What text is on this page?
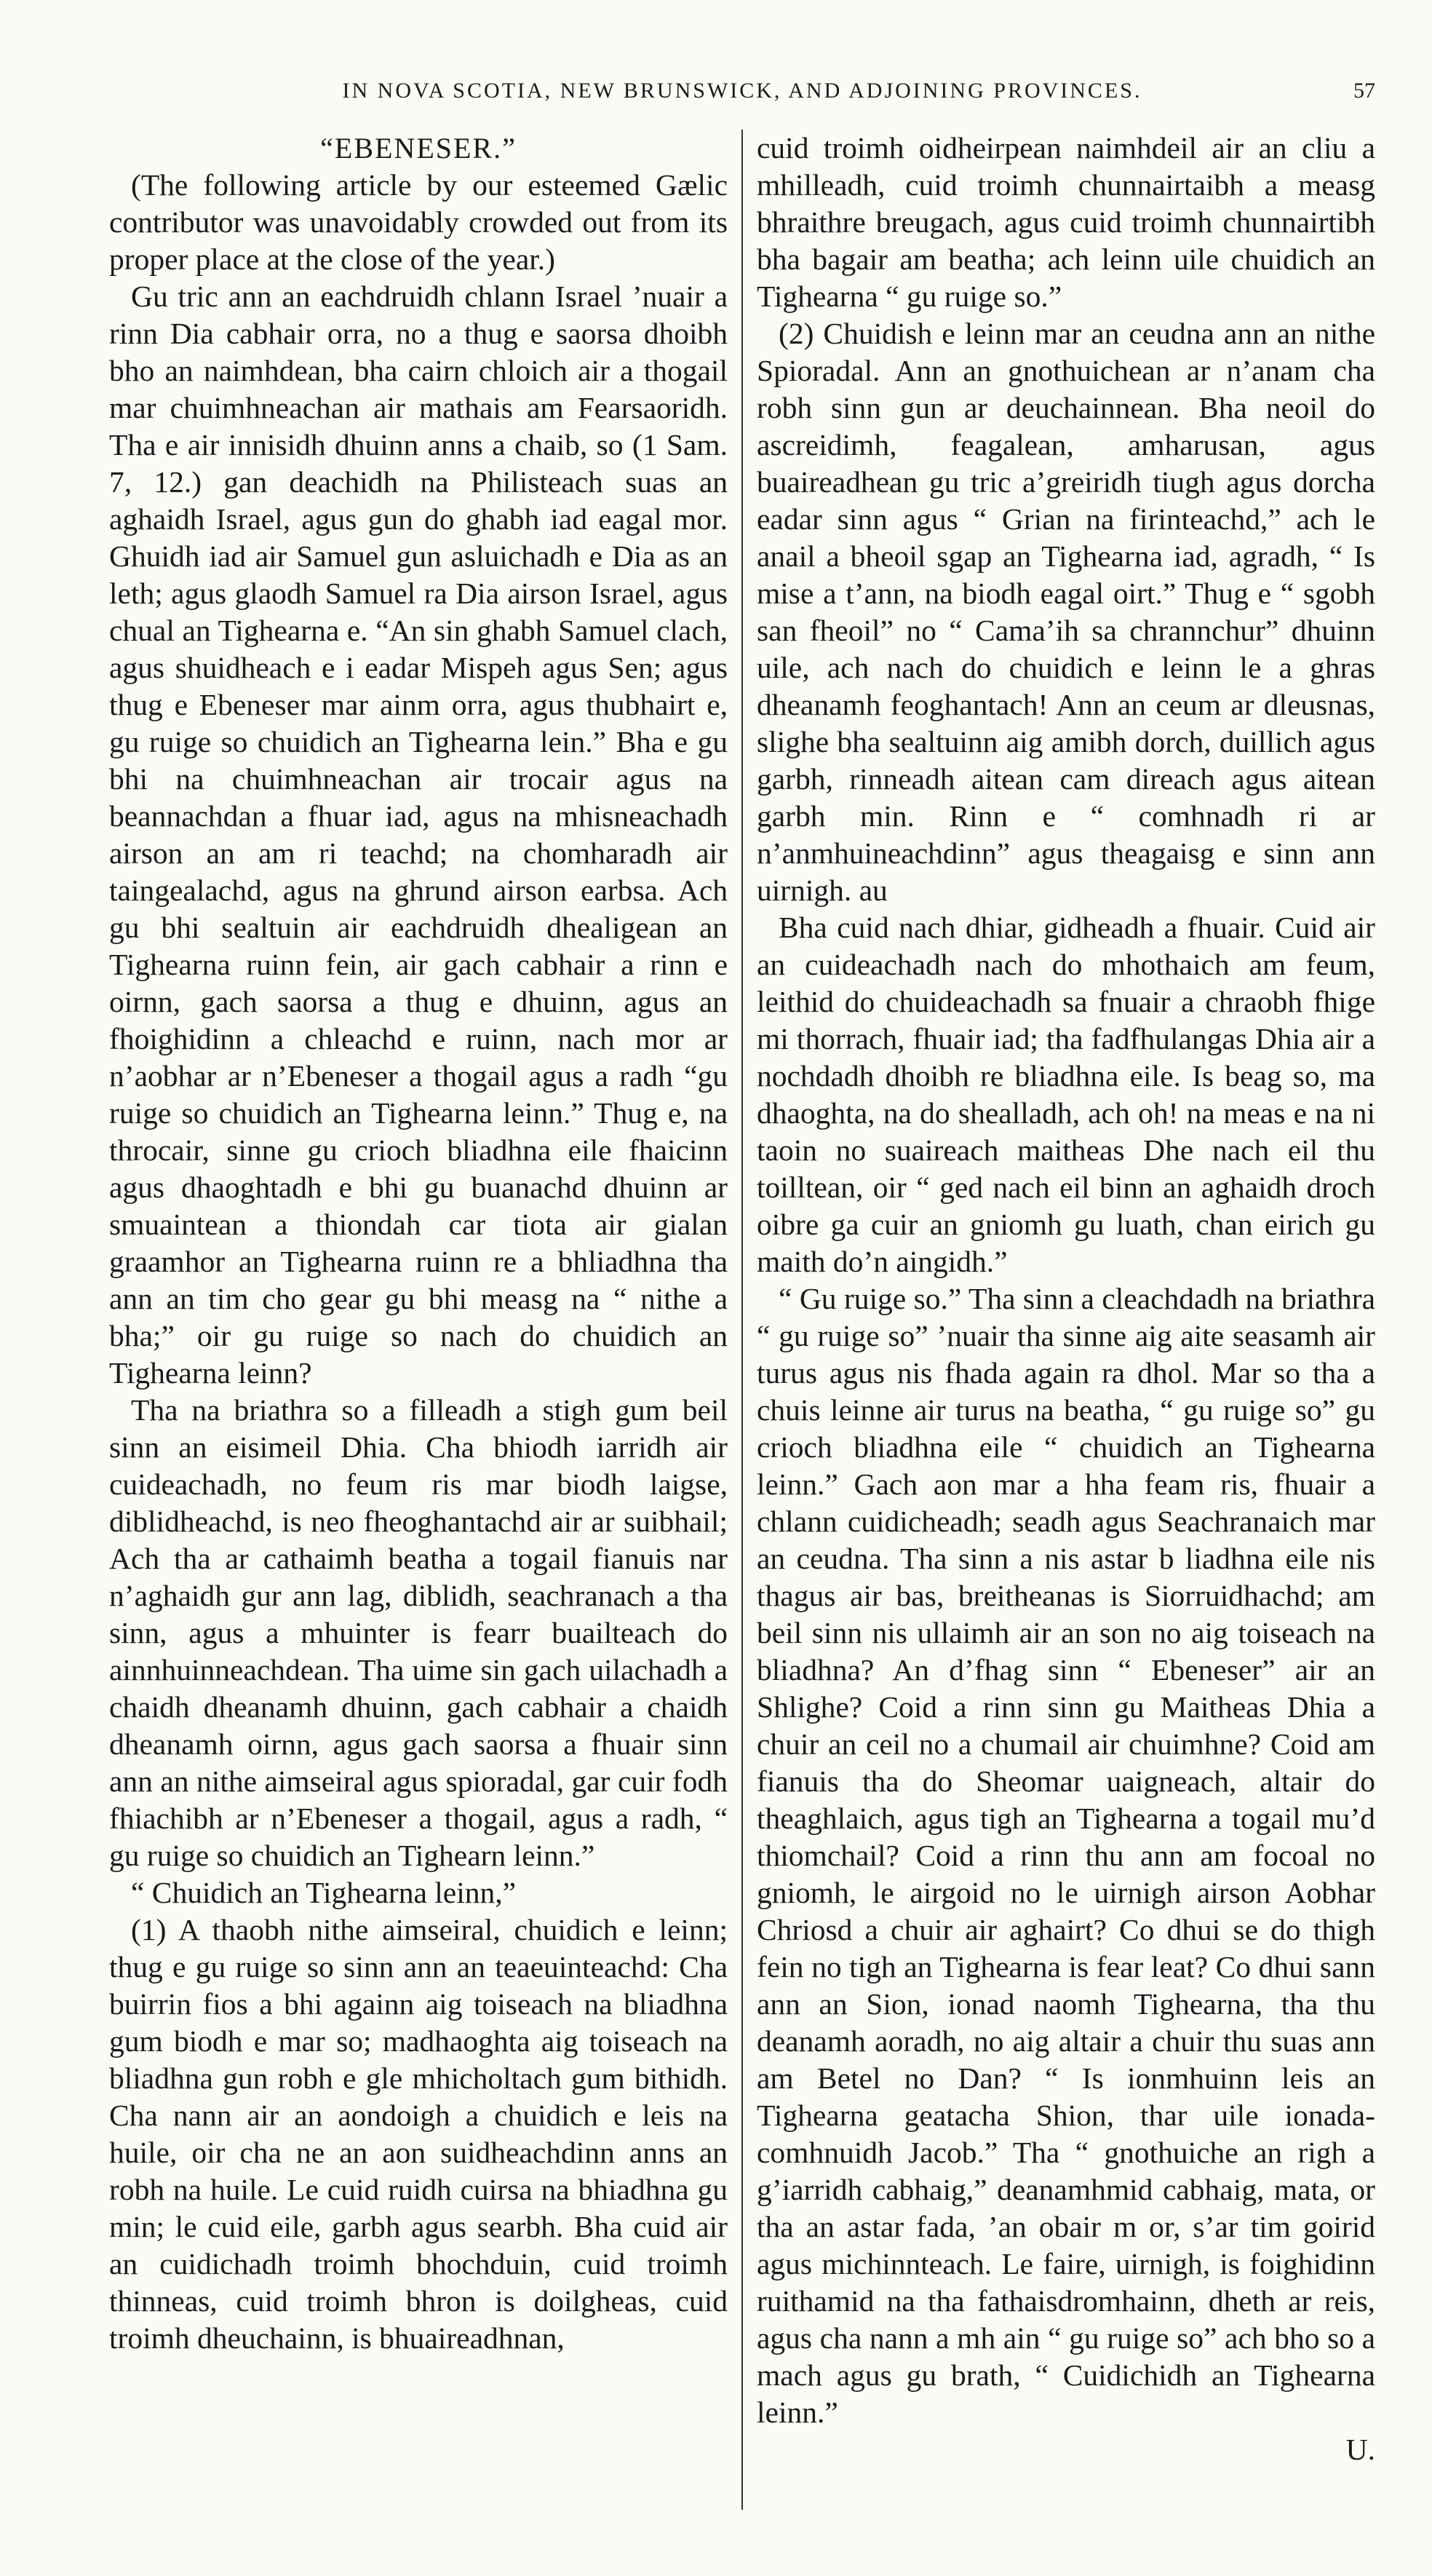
IN NOVA SCOTIA, NEW BRUNSWICK, AND ADJOINING PROVINCES.	57

“EBENESER.”

(The following article by our esteemed Gælic contributor was unavoidably crowded out from its proper place at the close of the year.)

Gu tric ann an eachdruidh chlann Israel ’nuair a rinn Dia cabhair orra, no a thug e saorsa dhoibh bho an naimhdean, bha cairn chloich air a thogail mar chuimhneachan air mathais am Fearsaoridh. Tha e air innisidh dhuinn anns a chaib, so (1 Sam. 7, 12.) gan deachidh na Philisteach suas an aghaidh Israel, agus gun do ghabh iad eagal mor. Ghuidh iad air Samuel gun asluichadh e Dia as an leth; agus glaodh Samuel ra Dia airson Israel, agus chual an Tighearna e. “An sin ghabh Samuel clach, agus shuidheach e i eadar Mispeh agus Sen; agus thug e Ebeneser mar ainm orra, agus thubhairt e, gu ruige so chuidich an Tighearna lein.” Bha e gu bhi na chuimhneachan air trocair agus na beannachdan a fhuar iad, agus na mhisneachadh airson an am ri teachd; na chomharadh air taingealachd, agus na ghrund airson earbsa. Ach gu bhi sealtuin air eachdruidh dhealigean an Tighearna ruinn fein, air gach cabhair a rinn e oirnn, gach saorsa a thug e dhuinn, agus an fhoighidinn a chleachd e ruinn, nach mor ar n’aobhar ar n’Ebeneser a thogail agus a radh “gu ruige so chuidich an Tighearna leinn.” Thug e, na throcair, sinne gu crioch bliadhna eile fhaicinn agus dhaoghtadh e bhi gu buanachd dhuinn ar smuaintean a thiondah car tiota air gialan graamhor an Tighearna ruinn re a bhliadhna tha ann an tim cho gear gu bhi measg na “ nithe a bha;” oir gu ruige so nach do chuidich an Tighearna leinn?

Tha na briathra so a filleadh a stigh gum beil sinn an eisimeil Dhia. Cha bhiodh iarridh air cuideachadh, no feum ris mar biodh laigse, diblidheachd, is neo fheoghantachd air ar suibhail; Ach tha ar cathaimh beatha a togail fianuis nar n’aghaidh gur ann lag, diblidh, seachranach a tha sinn, agus a mhuinter is fearr buailteach do ainnhuinneachdean. Tha uime sin gach uilachadh a chaidh dheanamh dhuinn, gach cabhair a chaidh dheanamh oirnn, agus gach saorsa a fhuair sinn ann an nithe aimseiral agus spioradal, gar cuir fodh fhiachibh ar n’Ebeneser a thogail, agus a radh, “ gu ruige so chuidich an Tighearn leinn.”

“ Chuidich an Tighearna leinn,”

(1) A thaobh nithe aimseiral, chuidich e leinn; thug e gu ruige so sinn ann an teaeuinteachd: Cha buirrin fios a bhi againn aig toiseach na bliadhna gum biodh e mar so; madhaoghta aig toiseach na bliadhna gun robh e gle mhicholtach gum bithidh. Cha nann air an aondoigh a chuidich e leis na huile, oir cha ne an aon suidheachdinn anns an robh na huile. Le cuid ruidh cuirsa na bhiadhna gu min; le cuid eile, garbh agus searbh. Bha cuid air an cuidichadh troimh bhochduin, cuid troimh thinneas, cuid troimh bhron is doilgheas, cuid troimh dheuchainn, is bhuaireadhnan,

cuid troimh oidheirpean naimhdeil air an cliu a mhilleadh, cuid troimh chunnairtaibh a measg bhraithre breugach, agus cuid troimh chunnairtibh bha bagair am beatha; ach leinn uile chuidich an Tighearna “ gu ruige so.”

(2) Chuidish e leinn mar an ceudna ann an nithe Spioradal. Ann an gnothuichean ar n’anam cha robh sinn gun ar deuchainnean. Bha neoil do ascreidimh, feagalean, amharusan, agus buaireadhean gu tric a’greiridh tiugh agus dorcha eadar sinn agus “ Grian na firinteachd,” ach le anail a bheoil sgap an Tighearna iad, agradh, “ Is mise a t’ann, na biodh eagal oirt.” Thug e “ sgobh san fheoil” no “ Cama’ih sa chrannchur” dhuinn uile, ach nach do chuidich e leinn le a ghras dheanamh feoghantach! Ann an ceum ar dleusnas, slighe bha sealtuinn aig amibh dorch, duillich agus garbh, rinneadh aitean cam direach agus aitean garbh min. Rinn e “ comhnadh ri ar n’anmhuineachdinn” agus theagaisg e sinn ann uirnigh. au

Bha cuid nach dhiar, gidheadh a fhuair. Cuid air an cuideachadh nach do mhothaich am feum, leithid do chuideachadh sa fnuair a chraobh fhige mi thorrach, fhuair iad; tha fadfhulangas Dhia air a nochdadh dhoibh re bliadhna eile. Is beag so, ma dhaoghta, na do shealladh, ach oh! na meas e na ni taoin no suaireach maitheas Dhe nach eil thu toilltean, oir “ ged nach eil binn an aghaidh droch oibre ga cuir an gniomh gu luath, chan eirich gu maith do’n aingidh.”

“ Gu ruige so.” Tha sinn a cleachdadh na briathra “ gu ruige so” ’nuair tha sinne aig aite seasamh air turus agus nis fhada again ra dhol. Mar so tha a chuis leinne air turus na beatha, “ gu ruige so” gu crioch bliadhna eile “ chuidich an Tighearna leinn.” Gach aon mar a hha feam ris, fhuair a chlann cuidicheadh; seadh agus Seachranaich mar an ceudna. Tha sinn a nis astar b liadhna eile nis thagus air bas, breitheanas is Siorruidhachd; am beil sinn nis ullaimh air an son no aig toiseach na bliadhna? An d’fhag sinn “ Ebeneser” air an Shlighe? Coid a rinn sinn gu Maitheas Dhia a chuir an ceil no a chumail air chuimhne? Coid am fianuis tha do Sheomar uaigneach, altair do theaghlaich, agus tigh an Tighearna a togail mu’d thiomchail? Coid a rinn thu ann am focoal no gniomh, le airgoid no le uirnigh airson Aobhar Chriosd a chuir air aghairt? Co dhui se do thigh fein no tigh an Tighearna is fear leat? Co dhui sann ann an Sion, ionad naomh Tighearna, tha thu deanamh aoradh, no aig altair a chuir thu suas ann am Betel no Dan? “ Is ionmhuinn leis an Tighearna geatacha Shion, thar uile ionada-comhnuidh Jacob.” Tha “ gnothuiche an righ a g’iarridh cabhaig,” deanamhmid cabhaig, mata, or tha an astar fada, ’an obair m or, s’ar tim goirid agus michinnteach. Le faire, uirnigh, is foighidinn ruithamid na tha fathaisdromhainn, dheth ar reis, agus cha nann a mh ain “ gu ruige so” ach bho so a mach agus gu brath, “ Cuidichidh an Tighearna leinn.”

U.
